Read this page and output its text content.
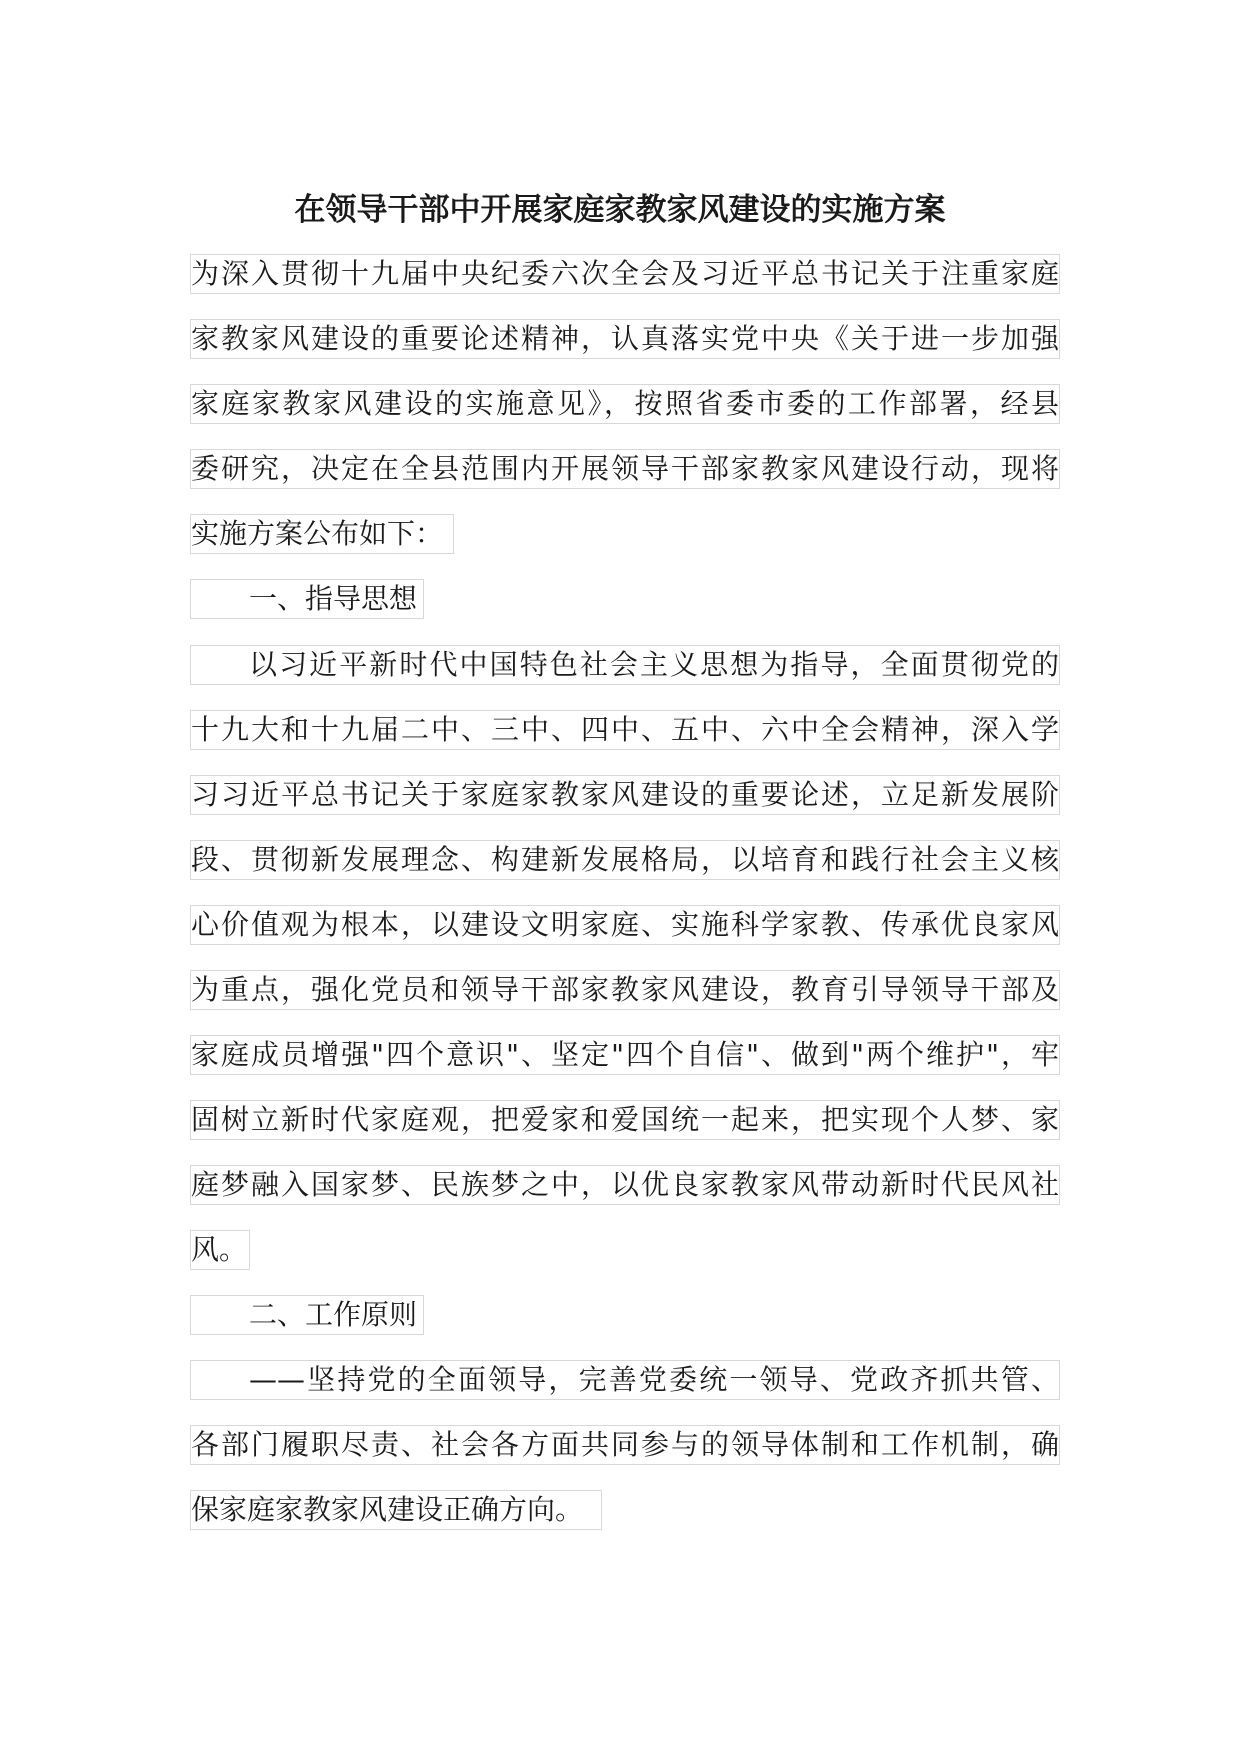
在领导干部中开展家庭家教家风建设的实施方案
为深入贯彻十九届中央纪委六次全会及习近平总书记关于注重家庭
家教家风建设的重要论述精神，认真落实党中央《关于进一步加强
家庭家教家风建设的实施意见》，按照省委市委的工作部署，经县
委研究，决定在全县范围内开展领导干部家教家风建设行动，现将
实施方案公布如下：
一、指导思想
以习近平新时代中国特色社会主义思想为指导，全面贯彻党的
十九大和十九届二中、三中、四中、五中、六中全会精神，深入学
习习近平总书记关于家庭家教家风建设的重要论述，立足新发展阶
段、贯彻新发展理念、构建新发展格局，以培育和践行社会主义核
心价值观为根本，以建设文明家庭、实施科学家教、传承优良家风
为重点，强化党员和领导干部家教家风建设，教育引导领导干部及
家庭成员增强"四个意识"、坚定"四个自信"、做到"两个维护"，牢
固树立新时代家庭观，把爱家和爱国统一起来，把实现个人梦、家
庭梦融入国家梦、民族梦之中，以优良家教家风带动新时代民风社
风。
二、工作原则
——坚持党的全面领导，完善党委统一领导、党政齐抓共管、
各部门履职尽责、社会各方面共同参与的领导体制和工作机制，确
保家庭家教家风建设正确方向。
